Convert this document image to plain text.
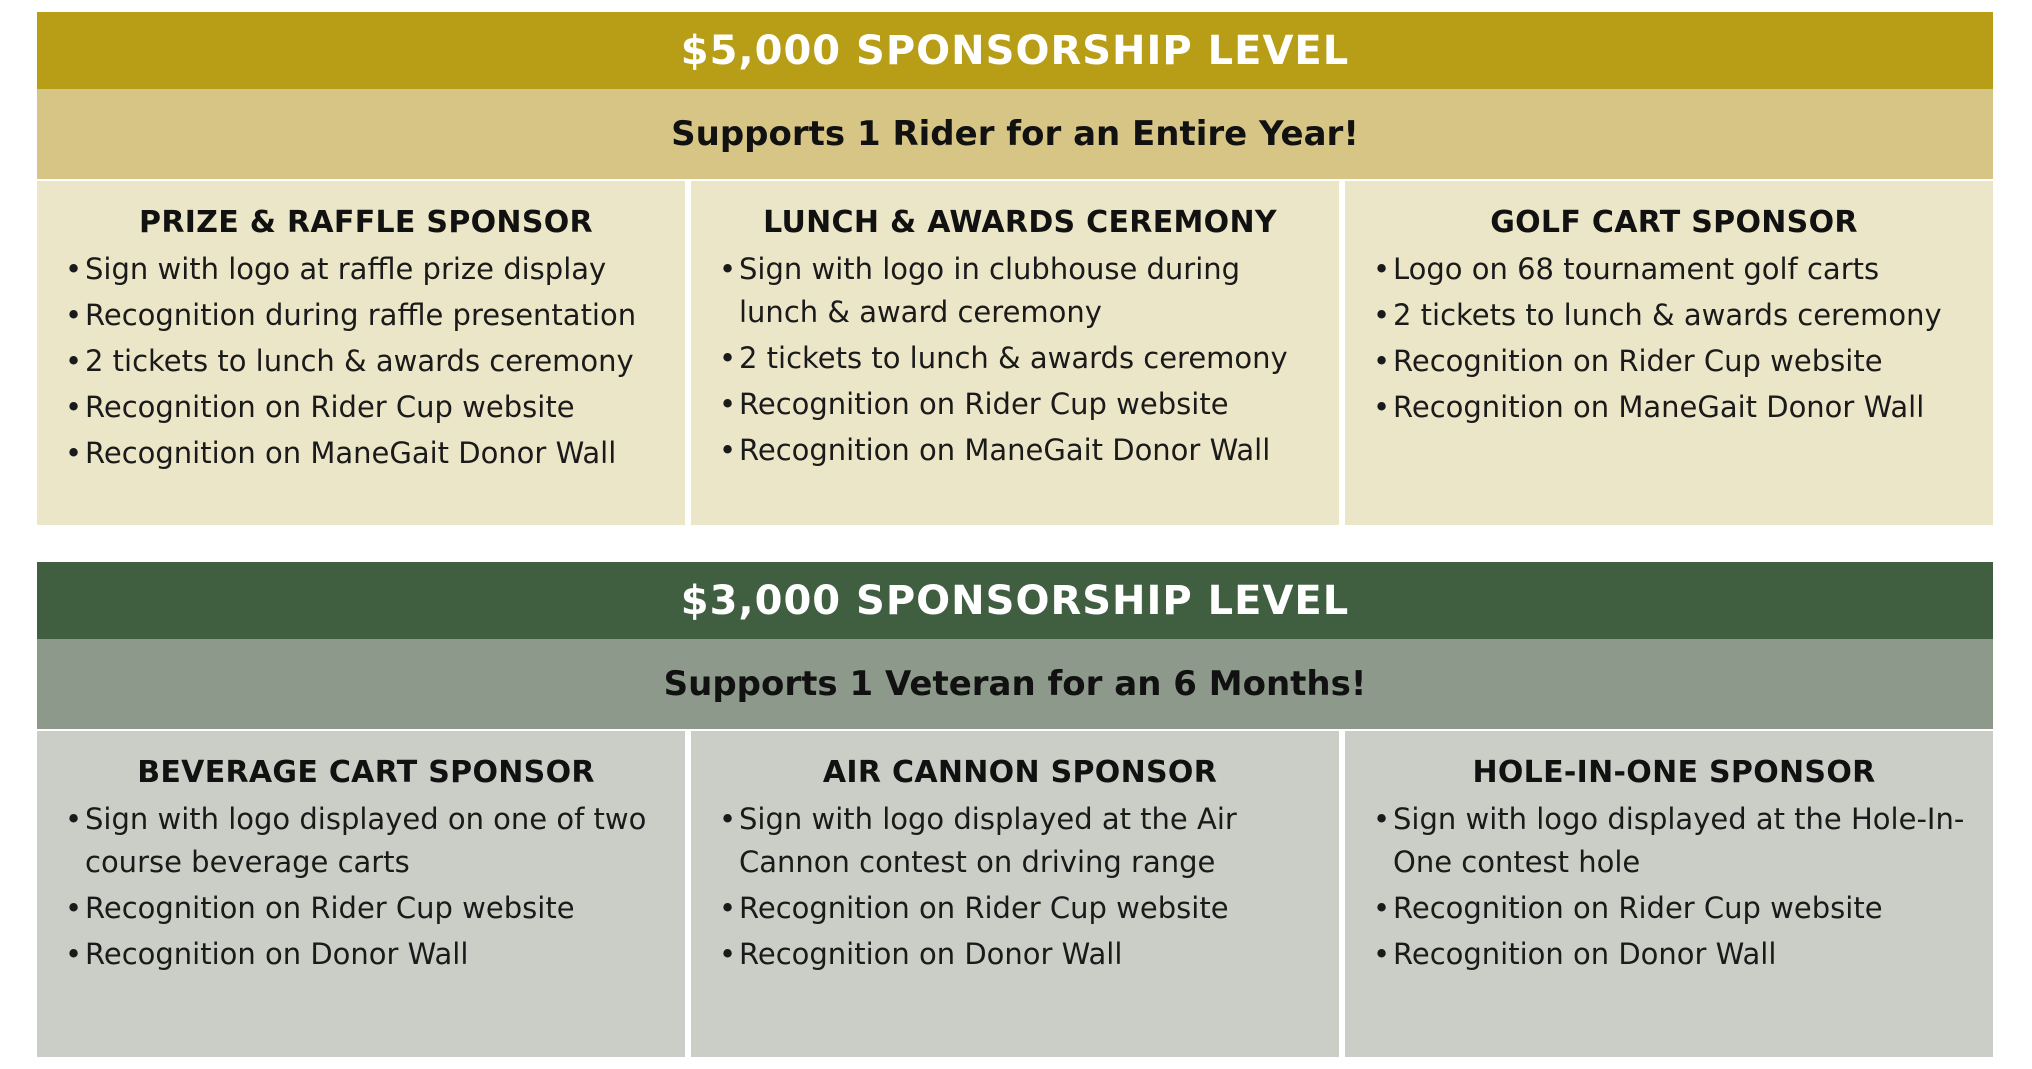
$5,000 SPONSORSHIP LEVEL
Supports 1 Rider for an Entire Year!
PRIZE & RAFFLE SPONSOR
• Sign with logo at raffle prize display
• Recognition during raffle presentation
• 2 tickets to lunch & awards ceremony
• Recognition on Rider Cup website
• Recognition on ManeGait Donor Wall
LUNCH & AWARDS CEREMONY
• Sign with logo in clubhouse during lunch & award ceremony
• 2 tickets to lunch & awards ceremony
• Recognition on Rider Cup website
• Recognition on ManeGait Donor Wall
GOLF CART SPONSOR
• Logo on 68 tournament golf carts
• 2 tickets to lunch & awards ceremony
• Recognition on Rider Cup website
• Recognition on ManeGait Donor Wall
$3,000 SPONSORSHIP LEVEL
Supports 1 Veteran for an 6 Months!
BEVERAGE CART SPONSOR
• Sign with logo displayed on one of two course beverage carts
• Recognition on Rider Cup website
• Recognition on Donor Wall
AIR CANNON SPONSOR
• Sign with logo displayed at the Air Cannon contest on driving range
• Recognition on Rider Cup website
• Recognition on Donor Wall
HOLE-IN-ONE SPONSOR
• Sign with logo displayed at the Hole-In-One contest hole
• Recognition on Rider Cup website
• Recognition on Donor Wall
